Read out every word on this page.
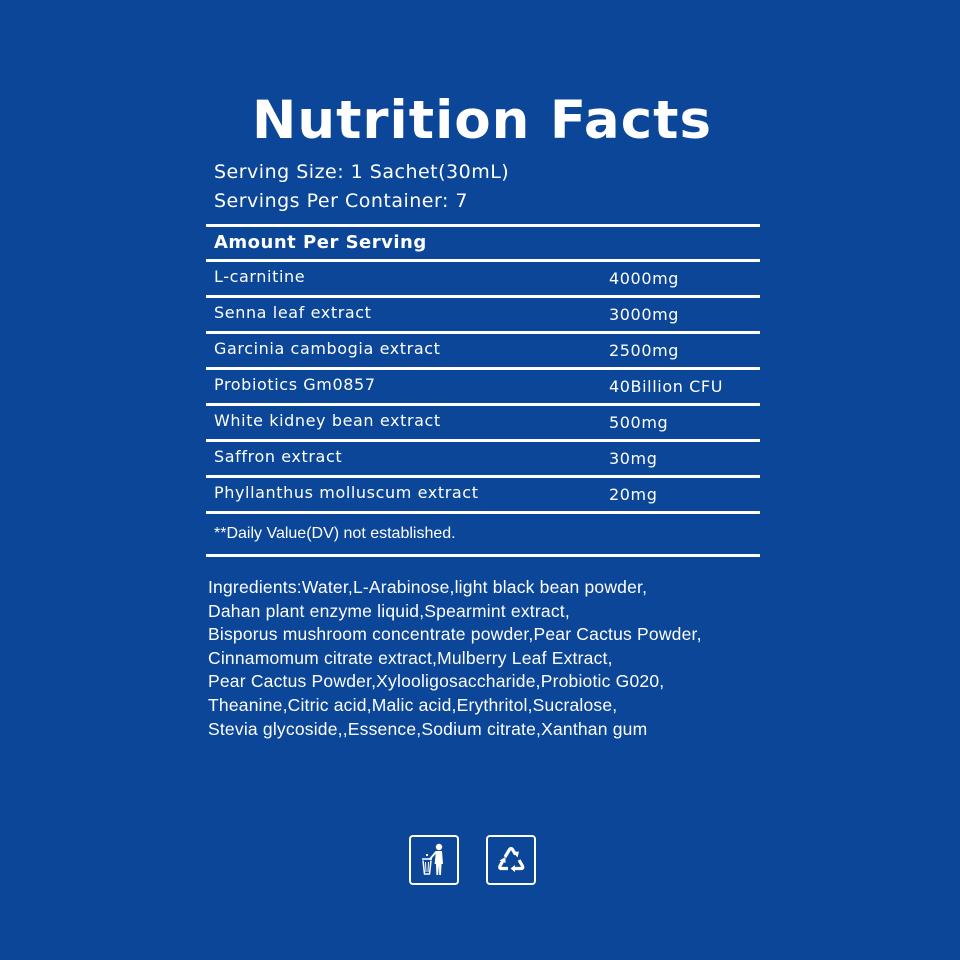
Nutrition Facts
Serving Size: 1 Sachet(30mL)
Servings Per Container: 7
Amount Per Serving
L-carnitine	4000mg
Senna leaf extract	3000mg
Garcinia cambogia extract	2500mg
Probiotics Gm0857	40Billion CFU
White kidney bean extract	500mg
Saffron extract	30mg
Phyllanthus molluscum extract	20mg
**Daily Value(DV) not established.
Ingredients:Water,L-Arabinose,light black bean powder,
Dahan plant enzyme liquid,Spearmint extract,
Bisporus mushroom concentrate powder,Pear Cactus Powder,
Cinnamomum citrate extract,Mulberry Leaf Extract,
Pear Cactus Powder,Xylooligosaccharide,Probiotic G020,
Theanine,Citric acid,Malic acid,Erythritol,Sucralose,
Stevia glycoside,,Essence,Sodium citrate,Xanthan gum
